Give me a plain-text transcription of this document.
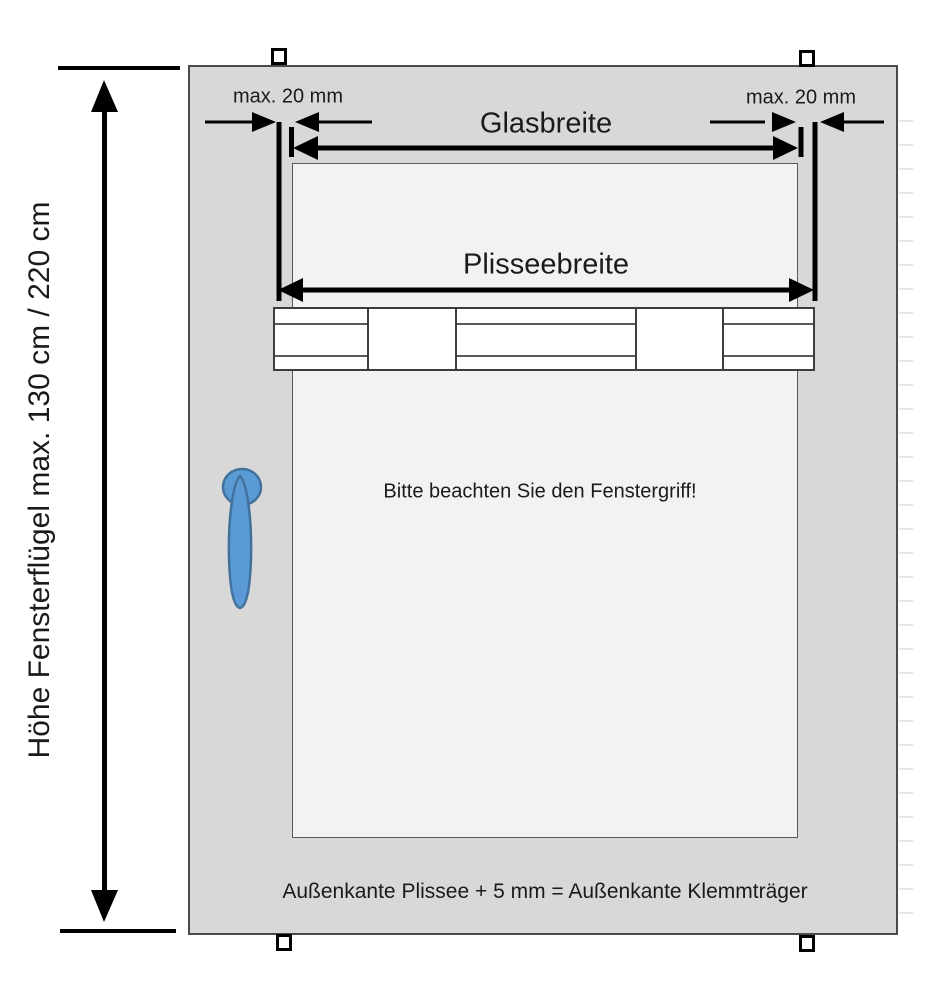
Höhe Fensterflügel max. 130 cm / 220 cm
max. 20 mm	max. 20 mm
Glasbreite
Plisseebreite
Bitte beachten Sie den Fenstergriff!
Außenkante Plissee + 5 mm = Außenkante Klemmträger
